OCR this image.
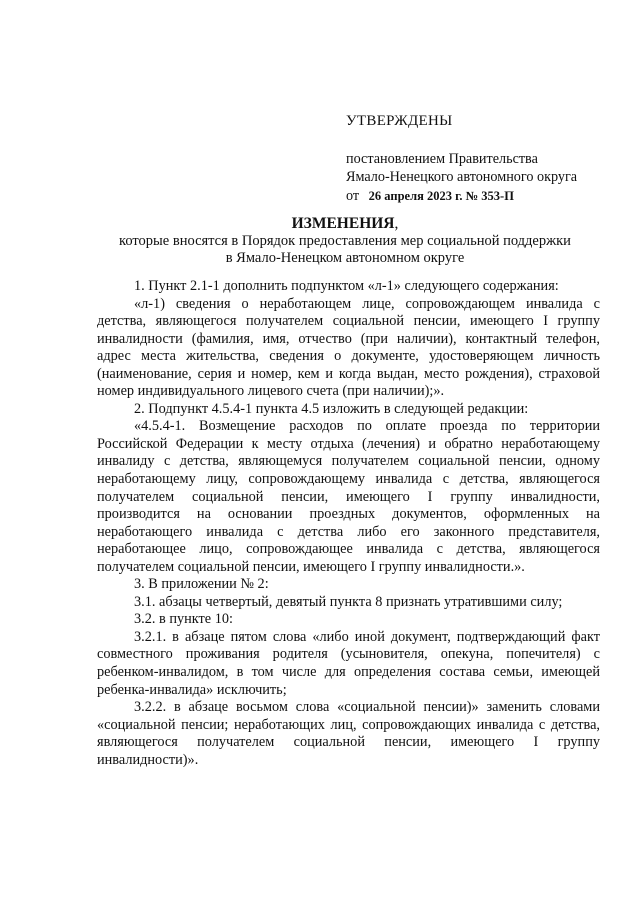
УТВЕРЖДЕНЫ
постановлением Правительства
Ямало-Ненецкого автономного округа
от 26 апреля 2023 г. № 353-П
ИЗМЕНЕНИЯ,
которые вносятся в Порядок предоставления мер социальной поддержки
в Ямало-Ненецком автономном округе

1. Пункт 2.1-1 дополнить подпунктом «л-1» следующего содержания:

«л-1) сведения о неработающем лице, сопровождающем инвалида с детства, являющегося получателем социальной пенсии, имеющего I группу инвалидности (фамилия, имя, отчество (при наличии), контактный телефон, адрес места жительства, сведения о документе, удостоверяющем личность (наименование, серия и номер, кем и когда выдан, место рождения), страховой номер индивидуального лицевого счета (при наличии);».

2. Подпункт 4.5.4-1 пункта 4.5 изложить в следующей редакции:

«4.5.4-1. Возмещение расходов по оплате проезда по территории Российской Федерации к месту отдыха (лечения) и обратно неработающему инвалиду с детства, являющемуся получателем социальной пенсии, одному неработающему лицу, сопровождающему инвалида с детства, являющегося получателем социальной пенсии, имеющего I группу инвалидности, производится на основании проездных документов, оформленных на неработающего инвалида с детства либо его законного представителя, неработающее лицо, сопровождающее инвалида с детства, являющегося получателем социальной пенсии, имеющего I группу инвалидности.».

3. В приложении № 2:

3.1. абзацы четвертый, девятый пункта 8 признать утратившими силу;

3.2. в пункте 10:

3.2.1. в абзаце пятом слова «либо иной документ, подтверждающий факт совместного проживания родителя (усыновителя, опекуна, попечителя) с ребенком-инвалидом, в том числе для определения состава семьи, имеющей ребенка-инвалида» исключить;

3.2.2. в абзаце восьмом слова «социальной пенсии)» заменить словами «социальной пенсии; неработающих лиц, сопровождающих инвалида с детства, являющегося получателем социальной пенсии, имеющего I группу инвалидности)».
